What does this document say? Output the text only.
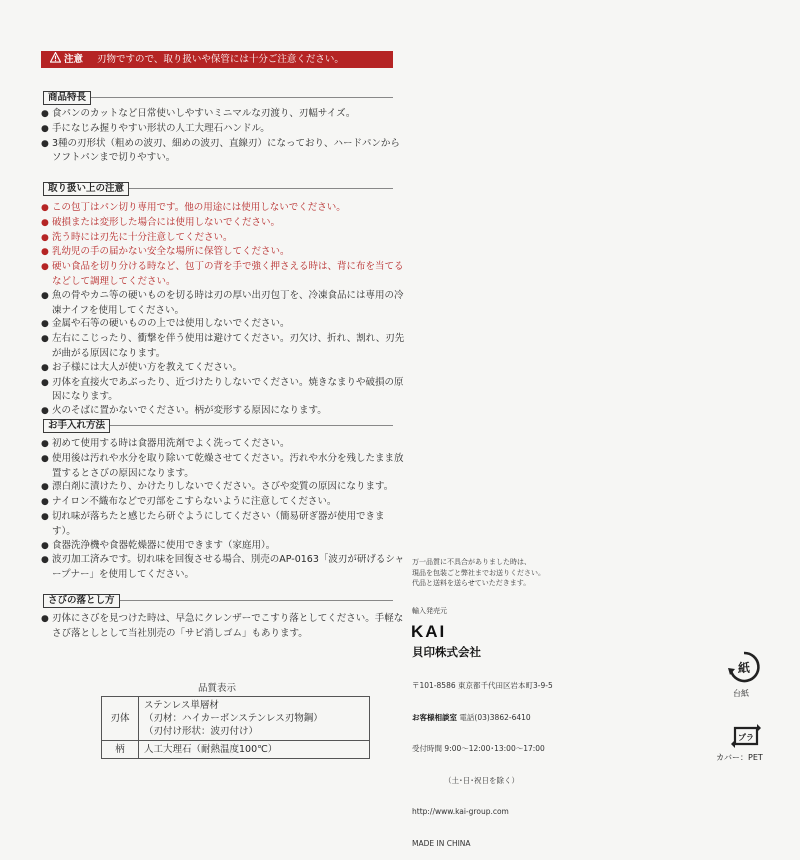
注意 刃物ですので、取り扱いや保管には十分ご注意ください。
商品特長
● 食パンのカットなど日常使いしやすいミニマルな刃渡り、刃幅サイズ。
● 手になじみ握りやすい形状の人工大理石ハンドル。
● 3種の刃形状（粗めの波刃、細めの波刃、直線刃）になっており、ハードパンからソフトパンまで切りやすい。
取り扱い上の注意
● この包丁はパン切り専用です。他の用途には使用しないでください。
● 破損または変形した場合には使用しないでください。
● 洗う時には刃先に十分注意してください。
● 乳幼児の手の届かない安全な場所に保管してください。
● 硬い食品を切り分ける時など、包丁の背を手で強く押さえる時は、背に布を当てるなどして調理してください。
● 魚の骨やカニ等の硬いものを切る時は刃の厚い出刃包丁を、冷凍食品には専用の冷凍ナイフを使用してください。
● 金属や石等の硬いものの上では使用しないでください。
● 左右にこじったり、衝撃を伴う使用は避けてください。刃欠け、折れ、割れ、刃先が曲がる原因になります。
● お子様には大人が使い方を教えてください。
● 刃体を直接火であぶったり、近づけたりしないでください。焼きなまりや破損の原因になります。
● 火のそばに置かないでください。柄が変形する原因になります。
お手入れ方法
● 初めて使用する時は食器用洗剤でよく洗ってください。
● 使用後は汚れや水分を取り除いて乾燥させてください。汚れや水分を残したまま放置するとさびの原因になります。
● 漂白剤に漬けたり、かけたりしないでください。さびや変質の原因になります。
● ナイロン不織布などで刃部をこすらないように注意してください。
● 切れ味が落ちたと感じたら研ぐようにしてください（簡易研ぎ器が使用できます）。
● 食器洗浄機や食器乾燥器に使用できます（家庭用）。
● 波刃加工済みです。切れ味を回復させる場合、別売のAP-0163「波刃が研げるシャープナー」を使用してください。
さびの落とし方
● 刃体にさびを見つけた時は、早急にクレンザーでこすり落としてください。手軽なさび落としとして当社別売の「サビ消しゴム」もあります。
品質表示
刃体	ステンレス単層材
（刃材：ハイカーボンステンレス刃物鋼）
（刃付け形状：波刃付け）

柄	人工大理石（耐熱温度100℃）
万一品質に不具合がありました時は、
現品を包装ごと弊社までお送りください。
代品と送料を送らせていただきます。
輸入発売元
KAI
貝印株式会社

〒101-8586 東京都千代田区岩本町3-9-5

お客様相談室 電話(03)3862-6410

受付時間 9:00〜12:00･13:00〜17:00

（土･日･祝日を除く）

http://www.kai-group.com

MADE IN CHINA

紙
台紙
プラ
カバー：PET
